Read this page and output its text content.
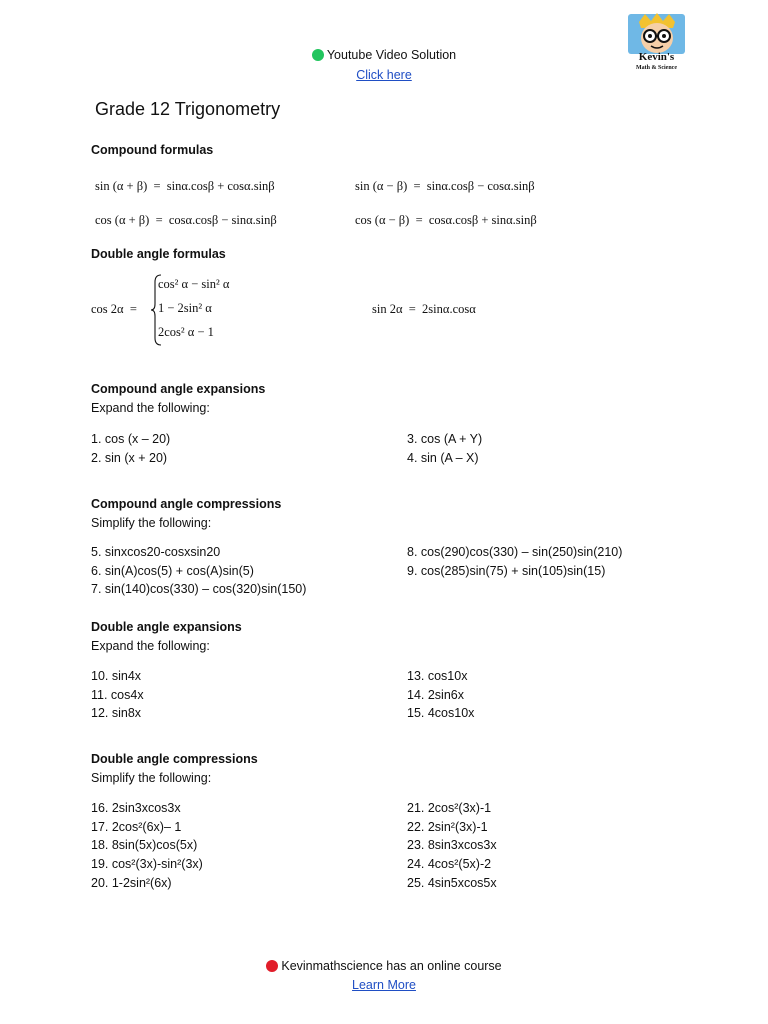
Youtube Video Solution
Click here
Kevin's
Math & Science
Grade 12 Trigonometry
Compound formulas
sin (α + β)  =  sinα.cosβ + cosα.sinβ	sin (α − β)  =  sinα.cosβ − cosα.sinβ
cos (α + β)  =  cosα.cosβ − sinα.sinβ	cos (α − β)  =  cosα.cosβ + sinα.sinβ
Double angle formulas
cos 2α  =
cos² α − sin² α
1 − 2sin² α
2cos² α − 1
sin 2α  =  2sinα.cosα
Compound angle expansions
Expand the following:
1. cos (x – 20)
2. sin (x + 20)
3. cos (A + Y)
4. sin (A – X)
Compound angle compressions
Simplify the following:
5. sinxcos20-cosxsin20
6. sin(A)cos(5) + cos(A)sin(5)
7. sin(140)cos(330) – cos(320)sin(150)
8. cos(290)cos(330) – sin(250)sin(210)
9. cos(285)sin(75) + sin(105)sin(15)
Double angle expansions
Expand the following:
10. sin4x
11. cos4x
12. sin8x
13. cos10x
14. 2sin6x
15. 4cos10x
Double angle compressions
Simplify the following:
16. 2sin3xcos3x
17. 2cos²(6x)– 1
18. 8sin(5x)cos(5x)
19. cos²(3x)-sin²(3x)
20. 1-2sin²(6x)
21. 2cos²(3x)-1
22. 2sin²(3x)-1
23. 8sin3xcos3x
24. 4cos²(5x)-2
25. 4sin5xcos5x
Kevinmathscience has an online course
Learn More
